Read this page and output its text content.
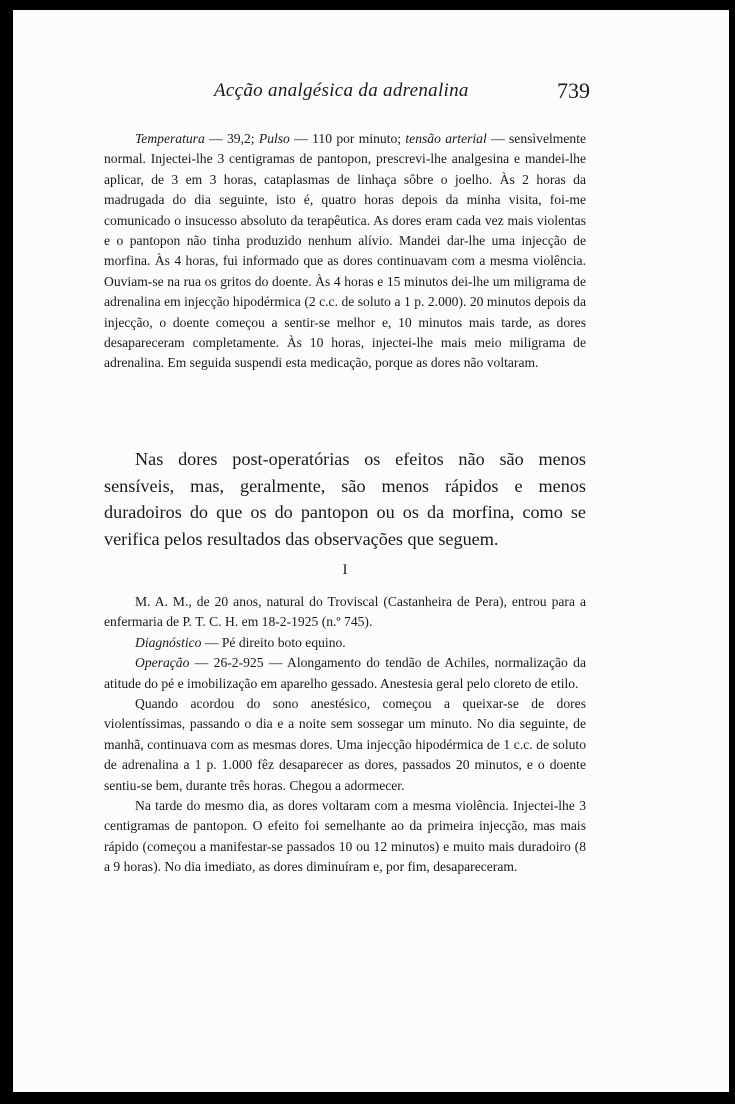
Acção analgésica da adrenalina	739

Temperatura — 39,2; Pulso — 110 por minuto; tensão arterial — sensìvelmente normal. Injectei-lhe 3 centigramas de pantopon, prescrevi-lhe analgesina e mandei-lhe aplicar, de 3 em 3 horas, cataplasmas de linhaça sôbre o joelho. Às 2 horas da madrugada do dia seguinte, isto é, quatro horas depois da minha visita, foi-me comunicado o insucesso absoluto da terapêutica. As dores eram cada vez mais violentas e o pantopon não tinha produzido nenhum alívio. Mandei dar-lhe uma injecção de morfina. Às 4 horas, fui informado que as dores continuavam com a mesma violência. Ouviam-se na rua os gritos do doente. Às 4 horas e 15 minutos dei-lhe um miligrama de adrenalina em injecção hipodérmica (2 c.c. de soluto a 1 p. 2.000). 20 minutos depois da injecção, o doente começou a sentir-se melhor e, 10 minutos mais tarde, as dores desapareceram completamente. Às 10 horas, injectei-lhe mais meio miligrama de adrenalina. Em seguida suspendi esta medicação, porque as dores não voltaram.

Nas dores post-operatórias os efeitos não são menos sensíveis, mas, geralmente, são menos rápidos e menos duradoiros do que os do pantopon ou os da morfina, como se verifica pelos resultados das observações que seguem.

I

M. A. M., de 20 anos, natural do Troviscal (Castanheira de Pera), entrou para a enfermaria de P. T. C. H. em 18-2-1925 (n.º 745).

Diagnóstico — Pé direito boto equino.

Operação — 26-2-925 — Alongamento do tendão de Achiles, normalização da atitude do pé e imobilização em aparelho gessado. Anestesia geral pelo cloreto de etilo.

Quando acordou do sono anestésico, começou a queixar-se de dores violentíssimas, passando o dia e a noite sem sossegar um minuto. No dia seguinte, de manhã, continuava com as mesmas dores. Uma injecção hipodérmica de 1 c.c. de soluto de adrenalina a 1 p. 1.000 fêz desaparecer as dores, passados 20 minutos, e o doente sentiu-se bem, durante três horas. Chegou a adormecer.

Na tarde do mesmo dia, as dores voltaram com a mesma violência. Injectei-lhe 3 centigramas de pantopon. O efeito foi semelhante ao da primeira injecção, mas mais rápido (começou a manifestar-se passados 10 ou 12 minutos) e muito mais duradoiro (8 a 9 horas). No dia imediato, as dores diminuíram e, por fim, desapareceram.
